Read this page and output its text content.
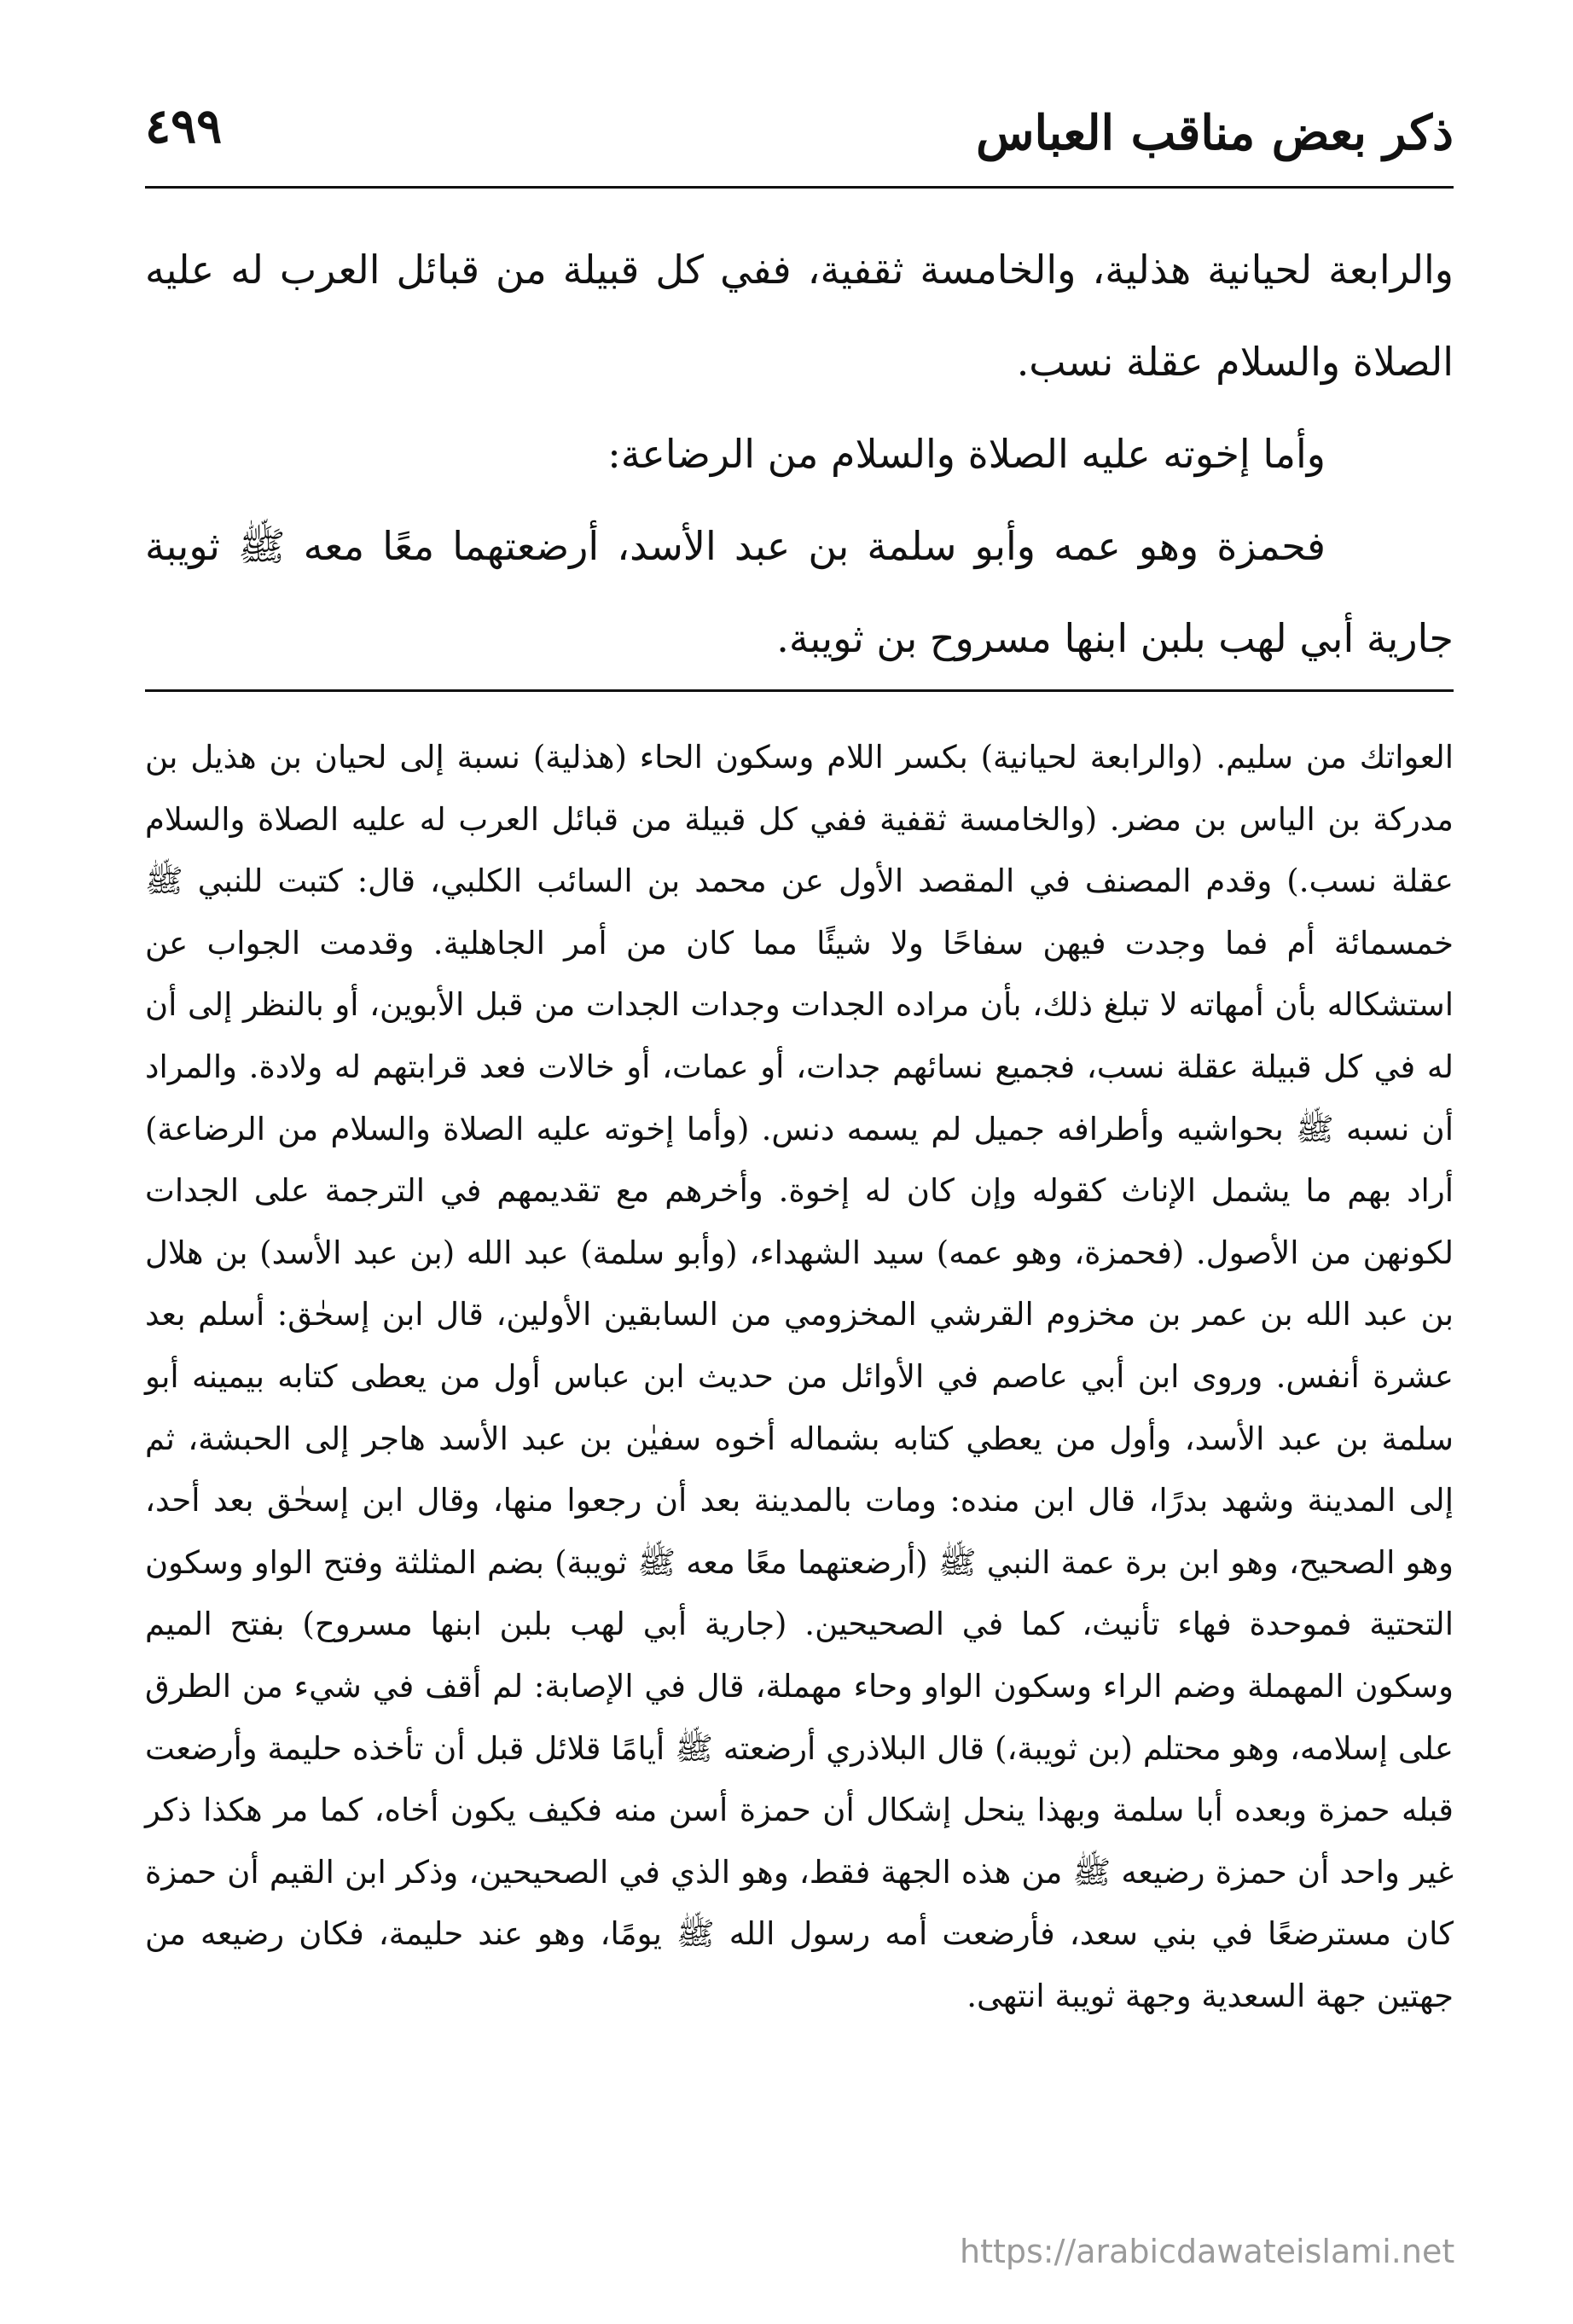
ذكر بعض مناقب العباس
٤٩٩

والرابعة لحيانية هذلية، والخامسة ثقفية، ففي كل قبيلة من قبائل العرب له عليه الصلاة والسلام عقلة نسب.

وأما إخوته عليه الصلاة والسلام من الرضاعة:

فحمزة وهو عمه وأبو سلمة بن عبد الأسد، أرضعتهما معًا معه ﷺ ثويبة جارية أبي لهب بلبن ابنها مسروح بن ثويبة.

العواتك من سليم. (والرابعة لحيانية) بكسر اللام وسكون الحاء (هذلية) نسبة إلى لحيان بن هذيل بن مدركة بن الياس بن مضر. (والخامسة ثقفية ففي كل قبيلة من قبائل العرب له عليه الصلاة والسلام عقلة نسب.) وقدم المصنف في المقصد الأول عن محمد بن السائب الكلبي، قال: كتبت للنبي ﷺ خمسمائة أم فما وجدت فيهن سفاحًا ولا شيئًا مما كان من أمر الجاهلية. وقدمت الجواب عن استشكاله بأن أمهاته لا تبلغ ذلك، بأن مراده الجدات وجدات الجدات من قبل الأبوين، أو بالنظر إلى أن له في كل قبيلة عقلة نسب، فجميع نسائهم جدات، أو عمات، أو خالات فعد قرابتهم له ولادة. والمراد أن نسبه ﷺ بحواشيه وأطرافه جميل لم يسمه دنس. (وأما إخوته عليه الصلاة والسلام من الرضاعة) أراد بهم ما يشمل الإناث كقوله وإن كان له إخوة. وأخرهم مع تقديمهم في الترجمة على الجدات لكونهن من الأصول. (فحمزة، وهو عمه) سيد الشهداء، (وأبو سلمة) عبد الله (بن عبد الأسد) بن هلال بن عبد الله بن عمر بن مخزوم القرشي المخزومي من السابقين الأولين، قال ابن إسحٰق: أسلم بعد عشرة أنفس. وروى ابن أبي عاصم في الأوائل من حديث ابن عباس أول من يعطى كتابه بيمينه أبو سلمة بن عبد الأسد، وأول من يعطي كتابه بشماله أخوه سفيٰن بن عبد الأسد هاجر إلى الحبشة، ثم إلى المدينة وشهد بدرًا، قال ابن منده: ومات بالمدينة بعد أن رجعوا منها، وقال ابن إسحٰق بعد أحد، وهو الصحيح، وهو ابن برة عمة النبي ﷺ (أرضعتهما معًا معه ﷺ ثويبة) بضم المثلثة وفتح الواو وسكون التحتية فموحدة فهاء تأنيث، كما في الصحيحين. (جارية أبي لهب بلبن ابنها مسروح) بفتح الميم وسكون المهملة وضم الراء وسكون الواو وحاء مهملة، قال في الإصابة: لم أقف في شيء من الطرق على إسلامه، وهو محتلم (بن ثويبة،) قال البلاذري أرضعته ﷺ أيامًا قلائل قبل أن تأخذه حليمة وأرضعت قبله حمزة وبعده أبا سلمة وبهذا ينحل إشكال أن حمزة أسن منه فكيف يكون أخاه، كما مر هكذا ذكر غير واحد أن حمزة رضيعه ﷺ من هذه الجهة فقط، وهو الذي في الصحيحين، وذكر ابن القيم أن حمزة كان مسترضعًا في بني سعد، فأرضعت أمه رسول الله ﷺ يومًا، وهو عند حليمة، فكان رضيعه من جهتين جهة السعدية وجهة ثويبة انتهى.

https://arabicdawateislami.net
